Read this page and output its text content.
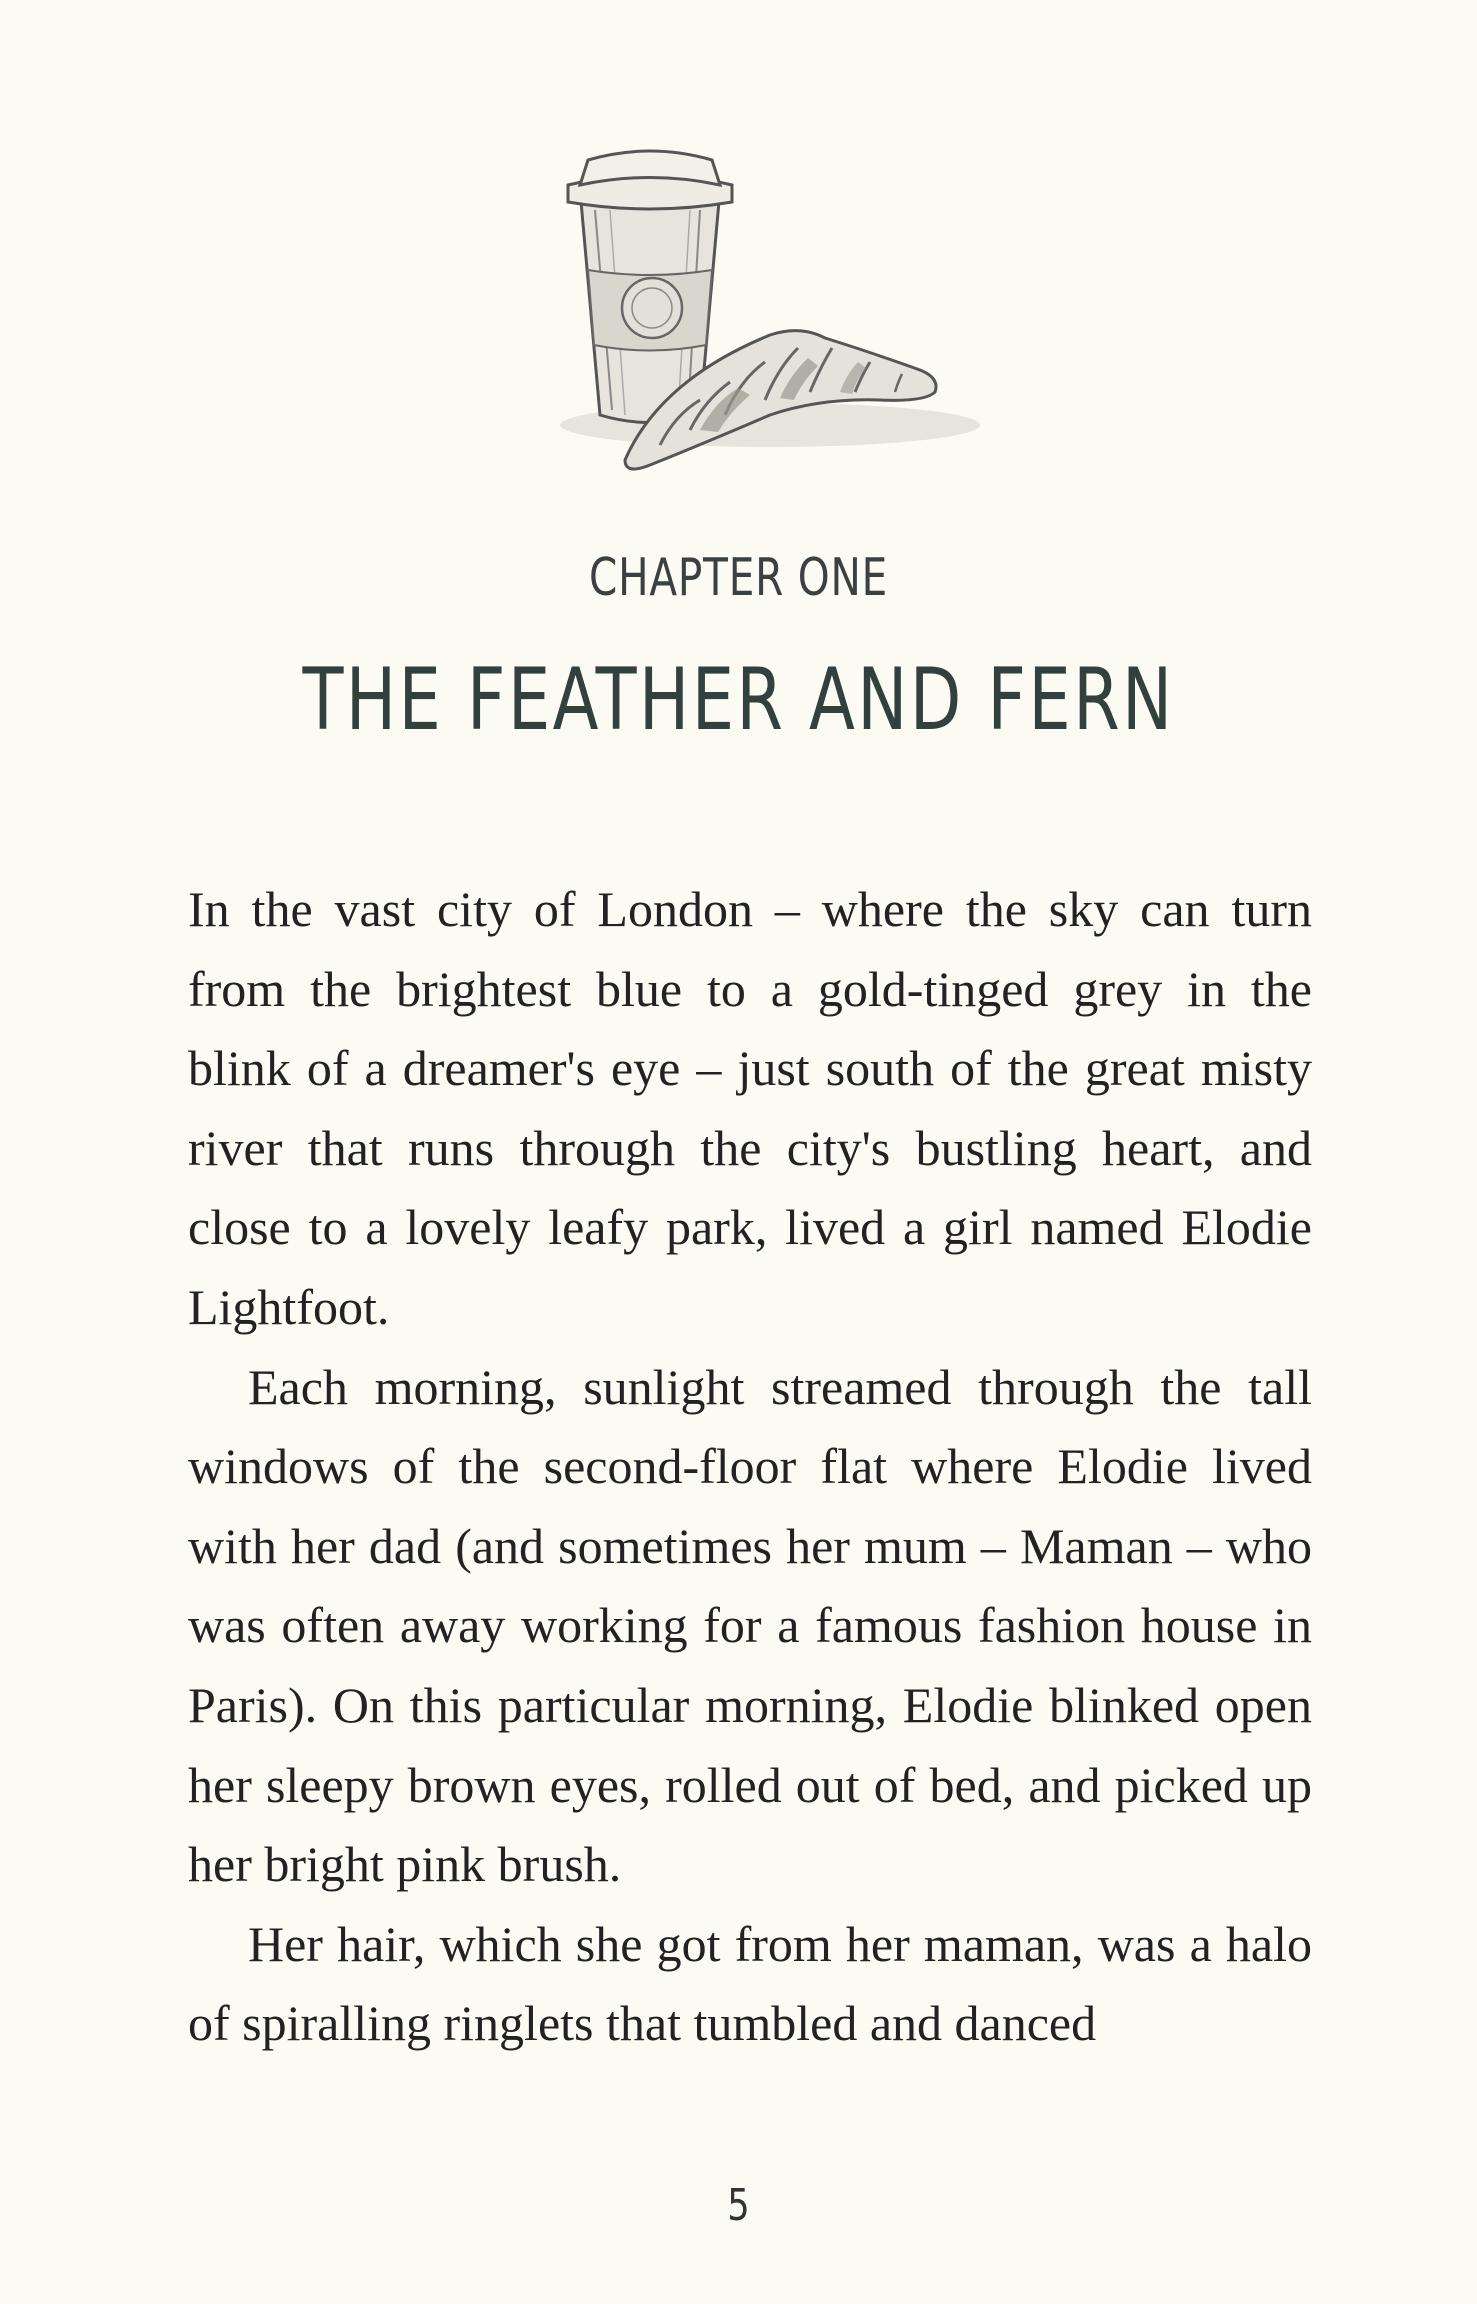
CHAPTER ONE
THE FEATHER AND FERN

In the vast city of London – where the sky can turn from the brightest blue to a gold-tinged grey in the blink of a dreamer's eye – just south of the great misty river that runs through the city's bustling heart, and close to a lovely leafy park, lived a girl named Elodie Lightfoot.

Each morning, sunlight streamed through the tall windows of the second-floor flat where Elodie lived with her dad (and sometimes her mum – Maman – who was often away working for a famous fashion house in Paris). On this particular morning, Elodie blinked open her sleepy brown eyes, rolled out of bed, and picked up her bright pink brush.

Her hair, which she got from her maman, was a halo of spiralling ringlets that tumbled and danced

5
